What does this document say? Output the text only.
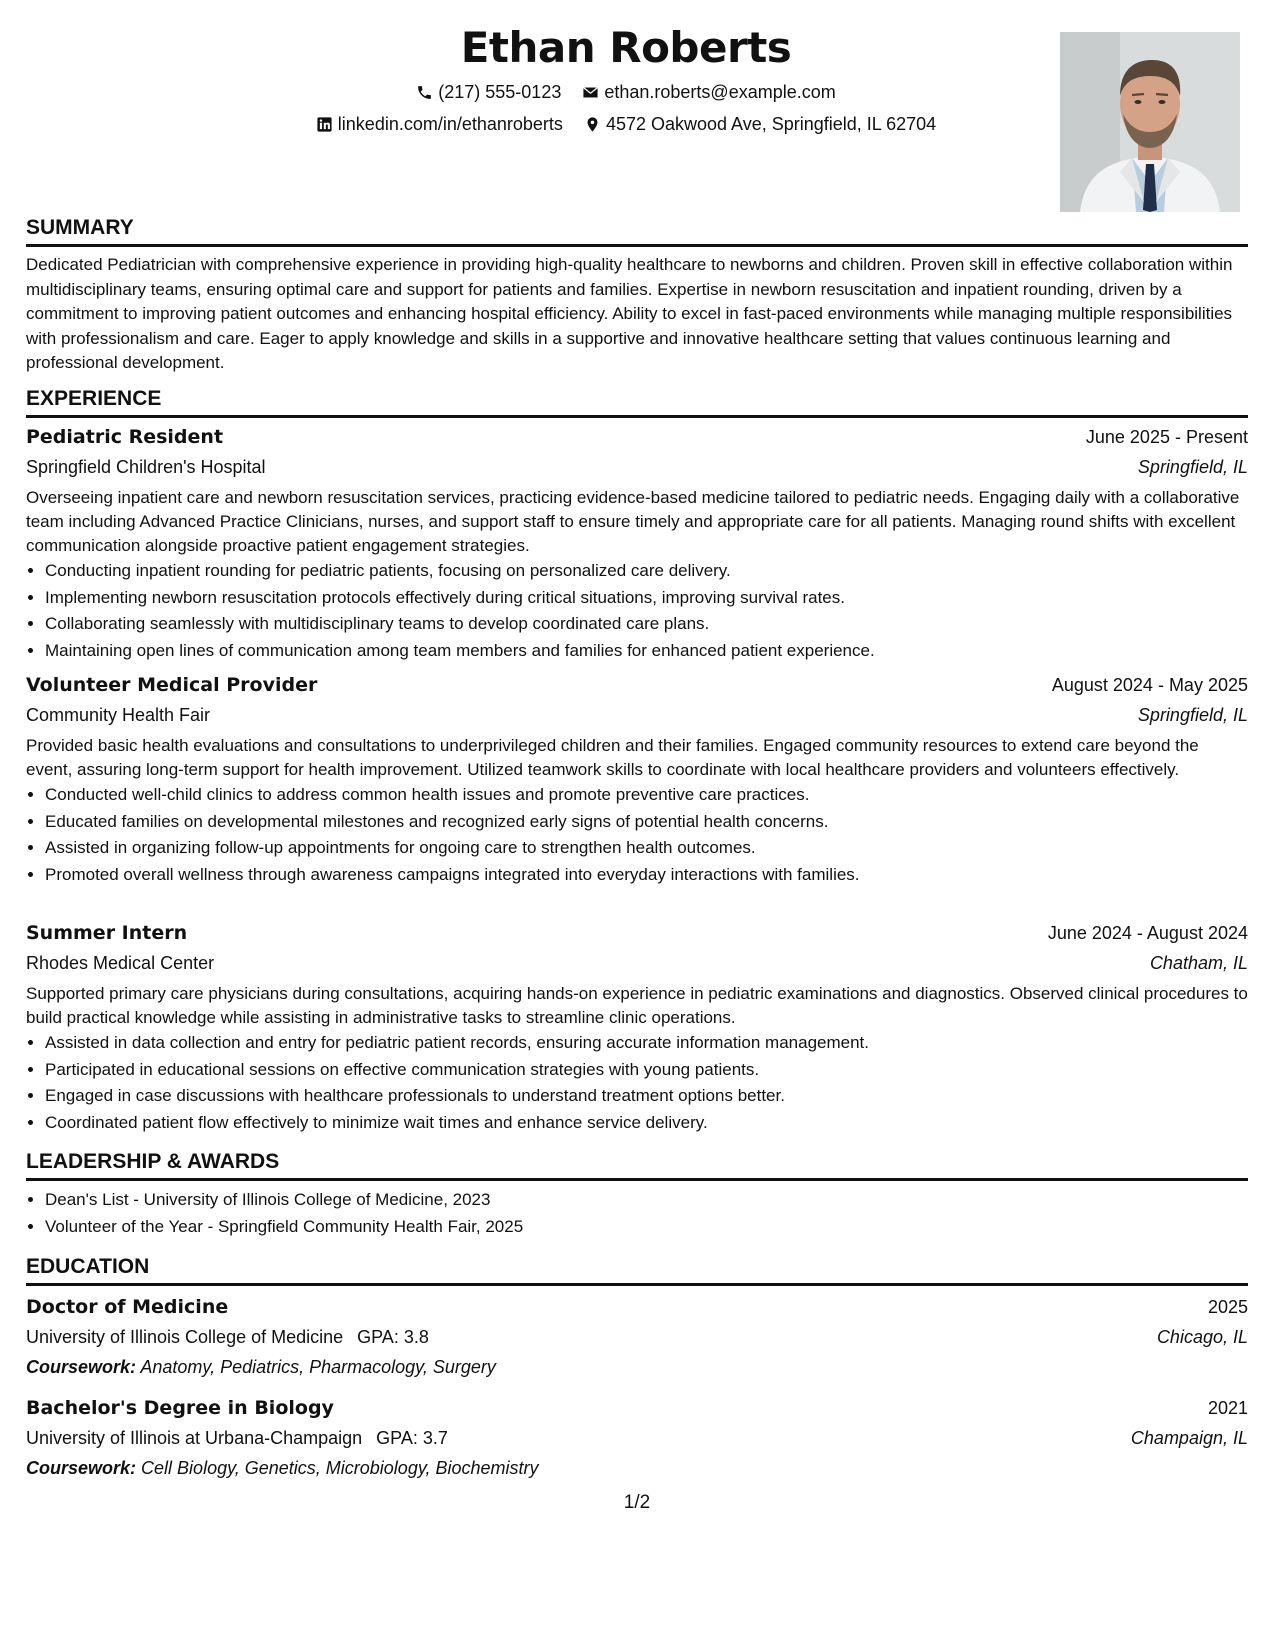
Ethan Roberts
(217) 555-0123
ethan.roberts@example.com
linkedin.com/in/ethanroberts
4572 Oakwood Ave, Springfield, IL 62704
SUMMARY

Dedicated Pediatrician with comprehensive experience in providing high-quality healthcare to newborns and children. Proven skill in effective collaboration within multidisciplinary teams, ensuring optimal care and support for patients and families. Expertise in newborn resuscitation and inpatient rounding, driven by a commitment to improving patient outcomes and enhancing hospital efficiency. Ability to excel in fast-paced environments while managing multiple responsibilities with professionalism and care. Eager to apply knowledge and skills in a supportive and innovative healthcare setting that values continuous learning and professional development.

EXPERIENCE
Pediatric Resident	June 2025 - Present
Springfield Children's Hospital	Springfield, IL

Overseeing inpatient care and newborn resuscitation services, practicing evidence-based medicine tailored to pediatric needs. Engaging daily with a collaborative team including Advanced Practice Clinicians, nurses, and support staff to ensure timely and appropriate care for all patients. Managing round shifts with excellent communication alongside proactive patient engagement strategies.

• Conducting inpatient rounding for pediatric patients, focusing on personalized care delivery.
• Implementing newborn resuscitation protocols effectively during critical situations, improving survival rates.
• Collaborating seamlessly with multidisciplinary teams to develop coordinated care plans.
• Maintaining open lines of communication among team members and families for enhanced patient experience.
Volunteer Medical Provider	August 2024 - May 2025
Community Health Fair	Springfield, IL

Provided basic health evaluations and consultations to underprivileged children and their families. Engaged community resources to extend care beyond the event, assuring long-term support for health improvement. Utilized teamwork skills to coordinate with local healthcare providers and volunteers effectively.

• Conducted well-child clinics to address common health issues and promote preventive care practices.
• Educated families on developmental milestones and recognized early signs of potential health concerns.
• Assisted in organizing follow-up appointments for ongoing care to strengthen health outcomes.
• Promoted overall wellness through awareness campaigns integrated into everyday interactions with families.
Summer Intern	June 2024 - August 2024
Rhodes Medical Center	Chatham, IL

Supported primary care physicians during consultations, acquiring hands-on experience in pediatric examinations and diagnostics. Observed clinical procedures to build practical knowledge while assisting in administrative tasks to streamline clinic operations.

• Assisted in data collection and entry for pediatric patient records, ensuring accurate information management.
• Participated in educational sessions on effective communication strategies with young patients.
• Engaged in case discussions with healthcare professionals to understand treatment options better.
• Coordinated patient flow effectively to minimize wait times and enhance service delivery.
LEADERSHIP & AWARDS
• Dean's List - University of Illinois College of Medicine, 2023
• Volunteer of the Year - Springfield Community Health Fair, 2025
EDUCATION
Doctor of Medicine	2025
University of Illinois College of Medicine GPA: 3.8	Chicago, IL
Coursework: Anatomy, Pediatrics, Pharmacology, Surgery
Bachelor's Degree in Biology	2021
University of Illinois at Urbana-Champaign GPA: 3.7	Champaign, IL
Coursework: Cell Biology, Genetics, Microbiology, Biochemistry
1/2
